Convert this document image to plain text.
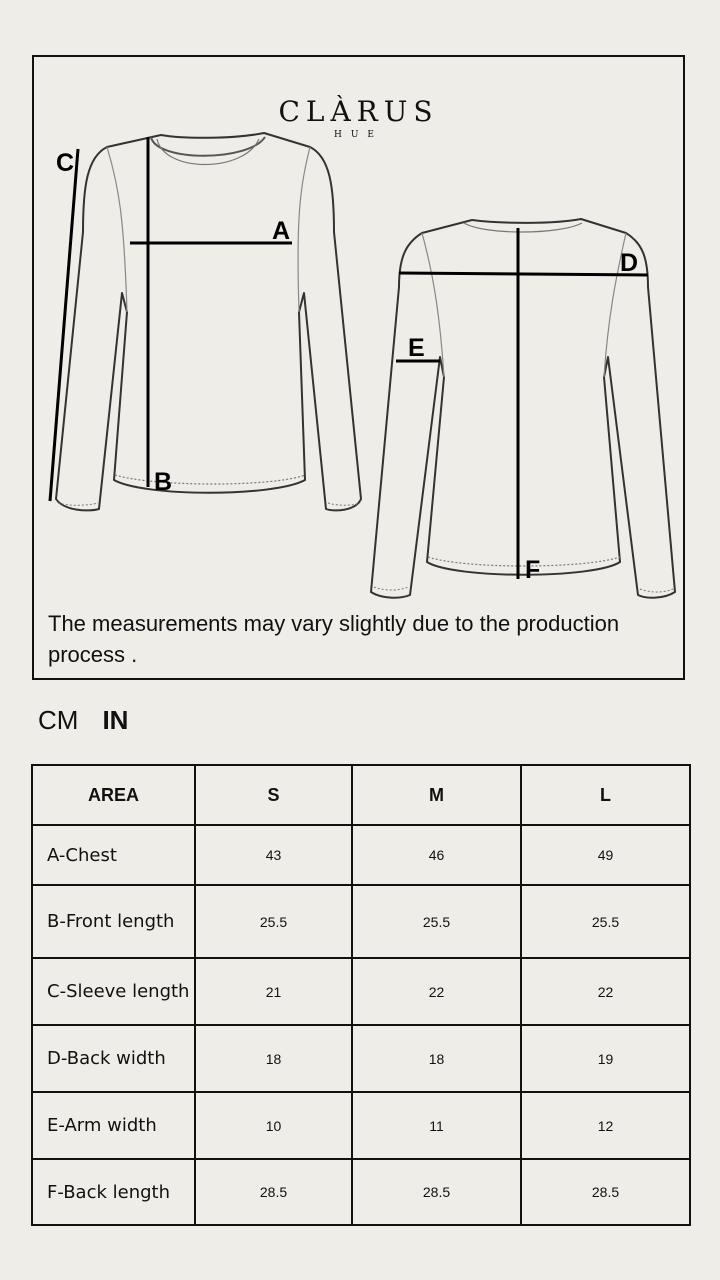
C
A
B
D
E
F
CLÀRUS
HUE
The measurements may vary slightly due to the production process .
CM IN
AREA	S	M	L
A-Chest	43	46	49
B-Front length	25.5	25.5	25.5
C-Sleeve length	21	22	22
D-Back width	18	18	19
E-Arm width	10	11	12
F-Back length	28.5	28.5	28.5
